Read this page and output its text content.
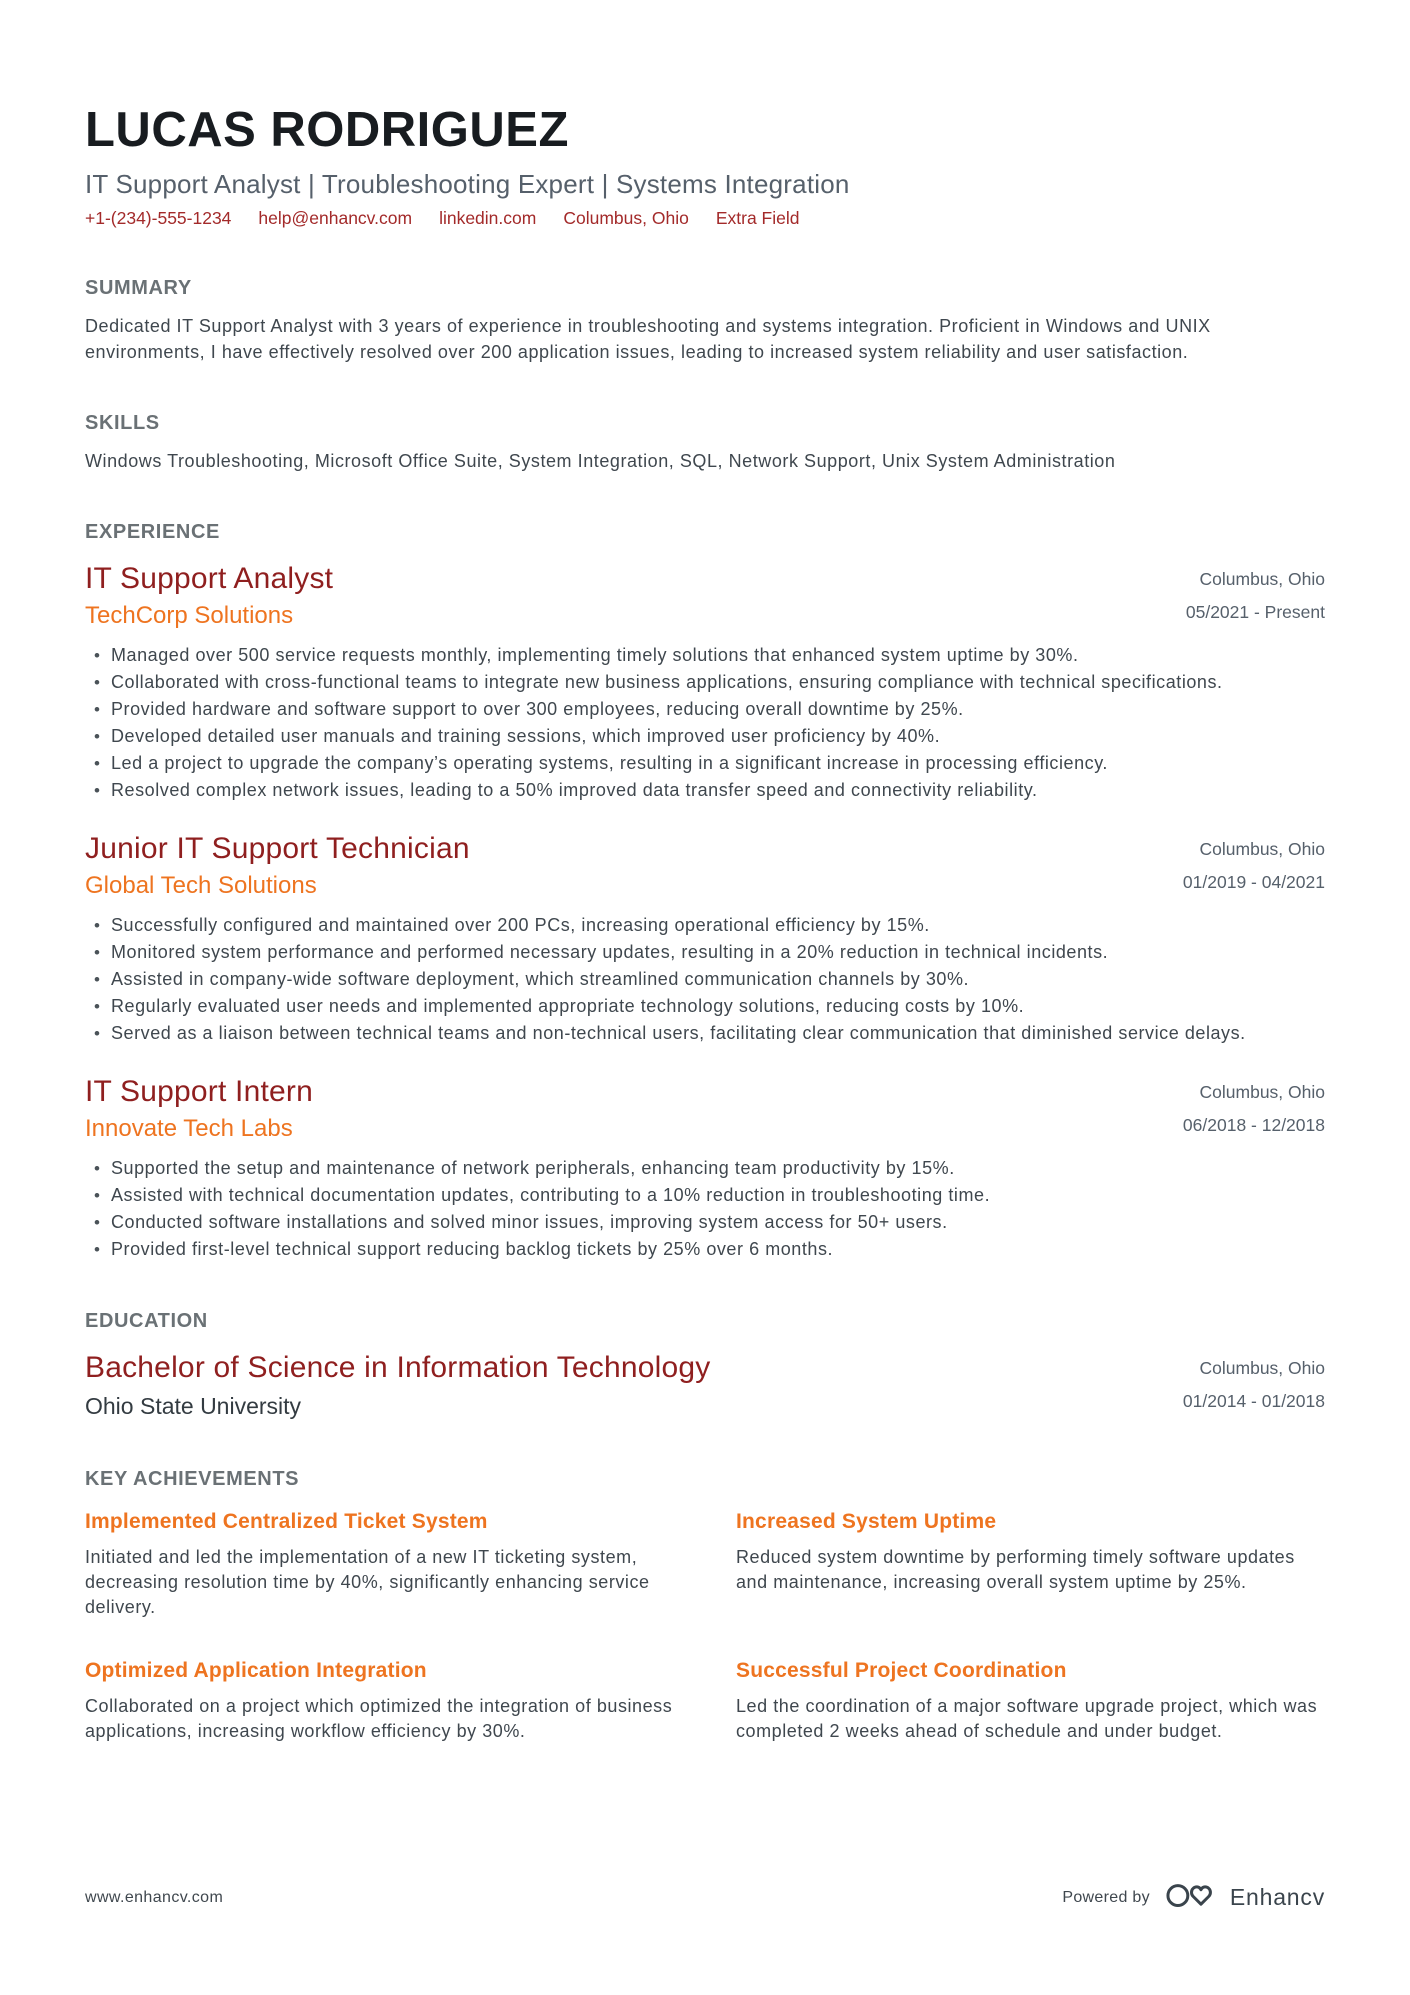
LUCAS RODRIGUEZ
IT Support Analyst | Troubleshooting Expert | Systems Integration
+1-(234)-555-1234 help@enhancv.com linkedin.com Columbus, Ohio Extra Field
SUMMARY

Dedicated IT Support Analyst with 3 years of experience in troubleshooting and systems integration. Proficient in Windows and UNIX environments, I have effectively resolved over 200 application issues, leading to increased system reliability and user satisfaction.

SKILLS

Windows Troubleshooting, Microsoft Office Suite, System Integration, SQL, Network Support, Unix System Administration

EXPERIENCE
IT Support Analyst
TechCorp Solutions
Columbus, Ohio
05/2021 - Present
• Managed over 500 service requests monthly, implementing timely solutions that enhanced system uptime by 30%.
• Collaborated with cross-functional teams to integrate new business applications, ensuring compliance with technical specifications.
• Provided hardware and software support to over 300 employees, reducing overall downtime by 25%.
• Developed detailed user manuals and training sessions, which improved user proficiency by 40%.
• Led a project to upgrade the company’s operating systems, resulting in a significant increase in processing efficiency.
• Resolved complex network issues, leading to a 50% improved data transfer speed and connectivity reliability.
Junior IT Support Technician
Global Tech Solutions
Columbus, Ohio
01/2019 - 04/2021
• Successfully configured and maintained over 200 PCs, increasing operational efficiency by 15%.
• Monitored system performance and performed necessary updates, resulting in a 20% reduction in technical incidents.
• Assisted in company-wide software deployment, which streamlined communication channels by 30%.
• Regularly evaluated user needs and implemented appropriate technology solutions, reducing costs by 10%.
• Served as a liaison between technical teams and non-technical users, facilitating clear communication that diminished service delays.
IT Support Intern
Innovate Tech Labs
Columbus, Ohio
06/2018 - 12/2018
• Supported the setup and maintenance of network peripherals, enhancing team productivity by 15%.
• Assisted with technical documentation updates, contributing to a 10% reduction in troubleshooting time.
• Conducted software installations and solved minor issues, improving system access for 50+ users.
• Provided first-level technical support reducing backlog tickets by 25% over 6 months.
EDUCATION
Bachelor of Science in Information Technology
Ohio State University
Columbus, Ohio
01/2014 - 01/2018
KEY ACHIEVEMENTS
Implemented Centralized Ticket System

Initiated and led the implementation of a new IT ticketing system, decreasing resolution time by 40%, significantly enhancing service delivery.

Increased System Uptime

Reduced system downtime by performing timely software updates and maintenance, increasing overall system uptime by 25%.

Optimized Application Integration

Collaborated on a project which optimized the integration of business applications, increasing workflow efficiency by 30%.

Successful Project Coordination

Led the coordination of a major software upgrade project, which was completed 2 weeks ahead of schedule and under budget.

www.enhancv.com	Powered by	Enhancv
